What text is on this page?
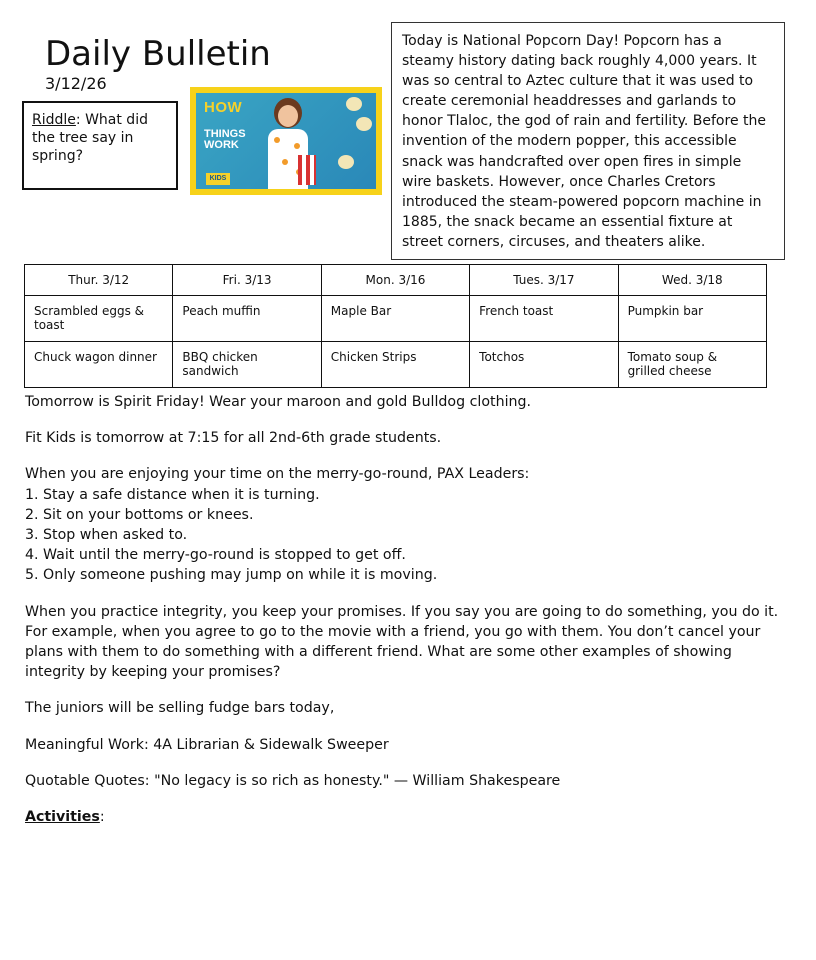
Daily Bulletin
3/12/26
Riddle: What did the tree say in spring?
HOW
THINGS
WORK
KIDS
Today is National Popcorn Day! Popcorn has a steamy history dating back roughly 4,000 years. It was so central to Aztec culture that it was used to create ceremonial headdresses and garlands to honor Tlaloc, the god of rain and fertility. Before the invention of the modern popper, this accessible snack was handcrafted over open fires in simple wire baskets. However, once Charles Cretors introduced the steam-powered popcorn machine in 1885, the snack became an essential fixture at street corners, circuses, and theaters alike.
Thur. 3/12	Fri. 3/13	Mon. 3/16	Tues. 3/17	Wed. 3/18
Scrambled eggs & toast	Peach muffin	Maple Bar	French toast	Pumpkin bar
Chuck wagon dinner	BBQ chicken sandwich	Chicken Strips	Totchos	Tomato soup & grilled cheese

Tomorrow is Spirit Friday! Wear your maroon and gold Bulldog clothing.

Fit Kids is tomorrow at 7:15 for all 2nd-6th grade students.

When you are enjoying your time on the merry-go-round, PAX Leaders:
1. Stay a safe distance when it is turning.
2. Sit on your bottoms or knees.
3. Stop when asked to.
4. Wait until the merry-go-round is stopped to get off.
5. Only someone pushing may jump on while it is moving.

When you practice integrity, you keep your promises. If you say you are going to do something, you do it. For example, when you agree to go to the movie with a friend, you go with them. You don’t cancel your plans with them to do something with a different friend. What are some other examples of showing integrity by keeping your promises?

The juniors will be selling fudge bars today,

Meaningful Work: 4A Librarian & Sidewalk Sweeper

Quotable Quotes: "No legacy is so rich as honesty." — William Shakespeare

Activities:
